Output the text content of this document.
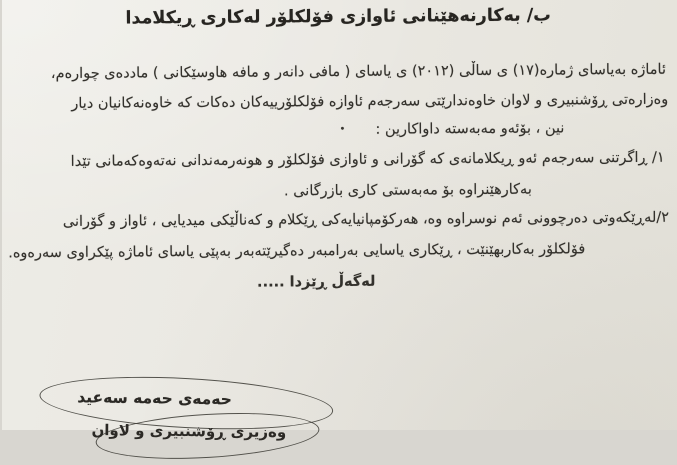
ب/ بەکارنەهێنانی ئاوازی فۆلکلۆر لەکاری ڕیکلامدا
ئاماژە بەیاسای ژمارە(١٧) ی ساڵی (٢٠١٢) ی یاسای ( مافی دانەر و مافە هاوسێکانی ) ماددەی چوارەم،
وەزارەتی ڕۆشنبیری و لاوان خاوەندارێتی سەرجەم ئاوازە فۆلکلۆرییەکان دەکات کە خاوەنەکانیان دیار
نین ، بۆئەو مەبەستە داواکارین :•
١/ ڕاگرتنی سەرجەم ئەو ڕیکلامانەی کە گۆرانی و ئاوازی فۆلکلۆر و هونەرمەندانی نەتەوەکەمانی تێدا
بەکارهێنراوە بۆ مەبەستی کاری بازرگانی .
٢/لەڕێکەوتی دەرچوونی ئەم نوسراوە وە، هەرکۆمپانیایەکی ڕێکلام و کەناڵێکی میدیایی ، ئاواز و گۆرانی
فۆلکلۆر بەکاربهێنێت ، ڕێکاری یاسایی بەرامبەر دەگیرێتەبەر بەپێی یاسای ئاماژە پێکراوی سەرەوە.
لەگەڵ ڕێزدا .....
حەمەی حەمە سەعید
وەزیری ڕۆشنبیری و لاوان
